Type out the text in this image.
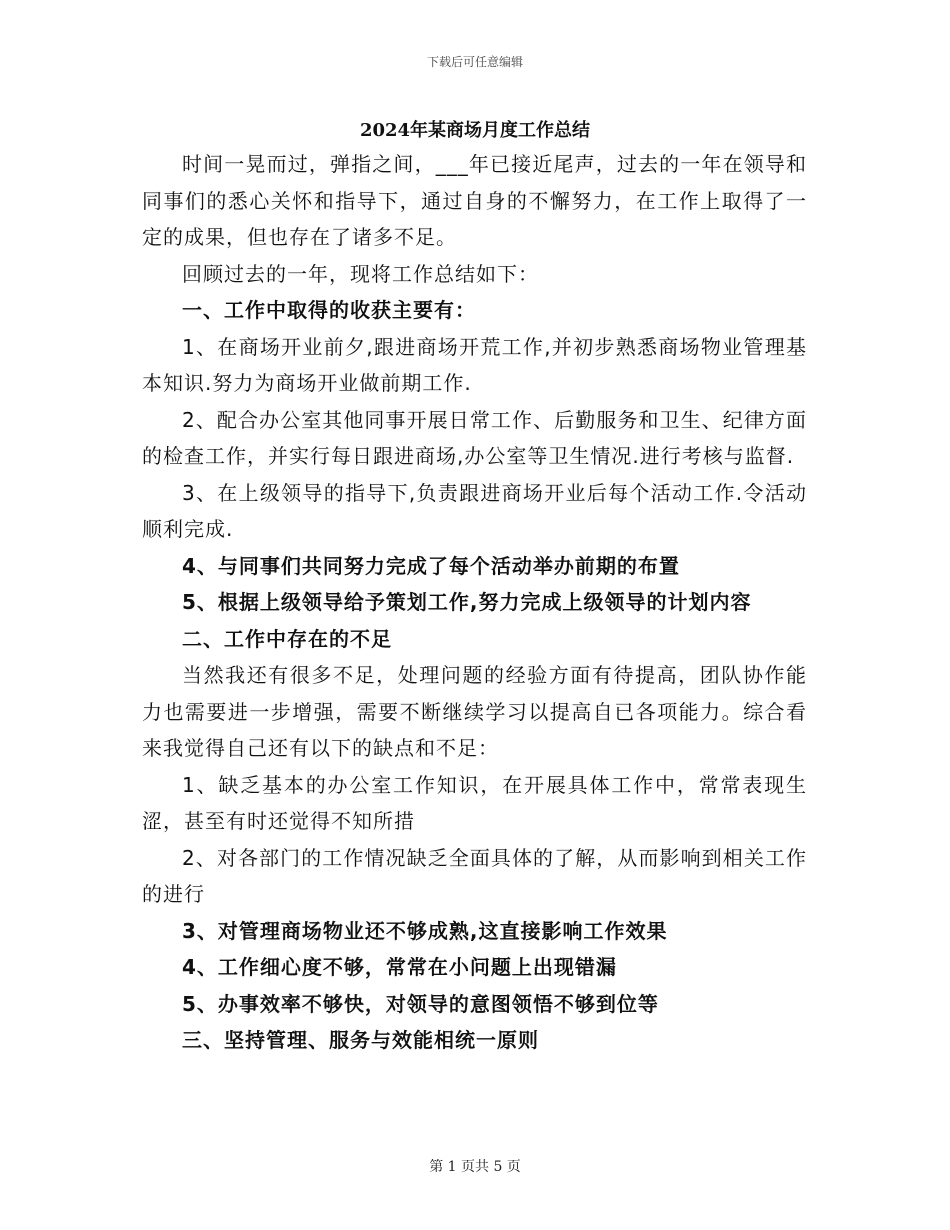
下载后可任意编辑
2024年某商场月度工作总结

时间一晃而过，弹指之间，___年已接近尾声，过去的一年在领导和同事们的悉心关怀和指导下，通过自身的不懈努力，在工作上取得了一定的成果，但也存在了诸多不足。

回顾过去的一年，现将工作总结如下：

一、工作中取得的收获主要有：

1、在商场开业前夕,跟进商场开荒工作,并初步熟悉商场物业管理基本知识.努力为商场开业做前期工作.

2、配合办公室其他同事开展日常工作、后勤服务和卫生、纪律方面的检查工作，并实行每日跟进商场,办公室等卫生情况.进行考核与监督.

3、在上级领导的指导下,负责跟进商场开业后每个活动工作.令活动顺利完成.

4、与同事们共同努力完成了每个活动举办前期的布置

5、根据上级领导给予策划工作,努力完成上级领导的计划内容

二、工作中存在的不足

当然我还有很多不足，处理问题的经验方面有待提高，团队协作能力也需要进一步增强，需要不断继续学习以提高自已各项能力。综合看来我觉得自己还有以下的缺点和不足：

1、缺乏基本的办公室工作知识，在开展具体工作中，常常表现生涩，甚至有时还觉得不知所措

2、对各部门的工作情况缺乏全面具体的了解，从而影响到相关工作的进行

3、对管理商场物业还不够成熟,这直接影响工作效果

4、工作细心度不够，常常在小问题上出现错漏

5、办事效率不够快，对领导的意图领悟不够到位等

三、坚持管理、服务与效能相统一原则

第 1 页共 5 页
